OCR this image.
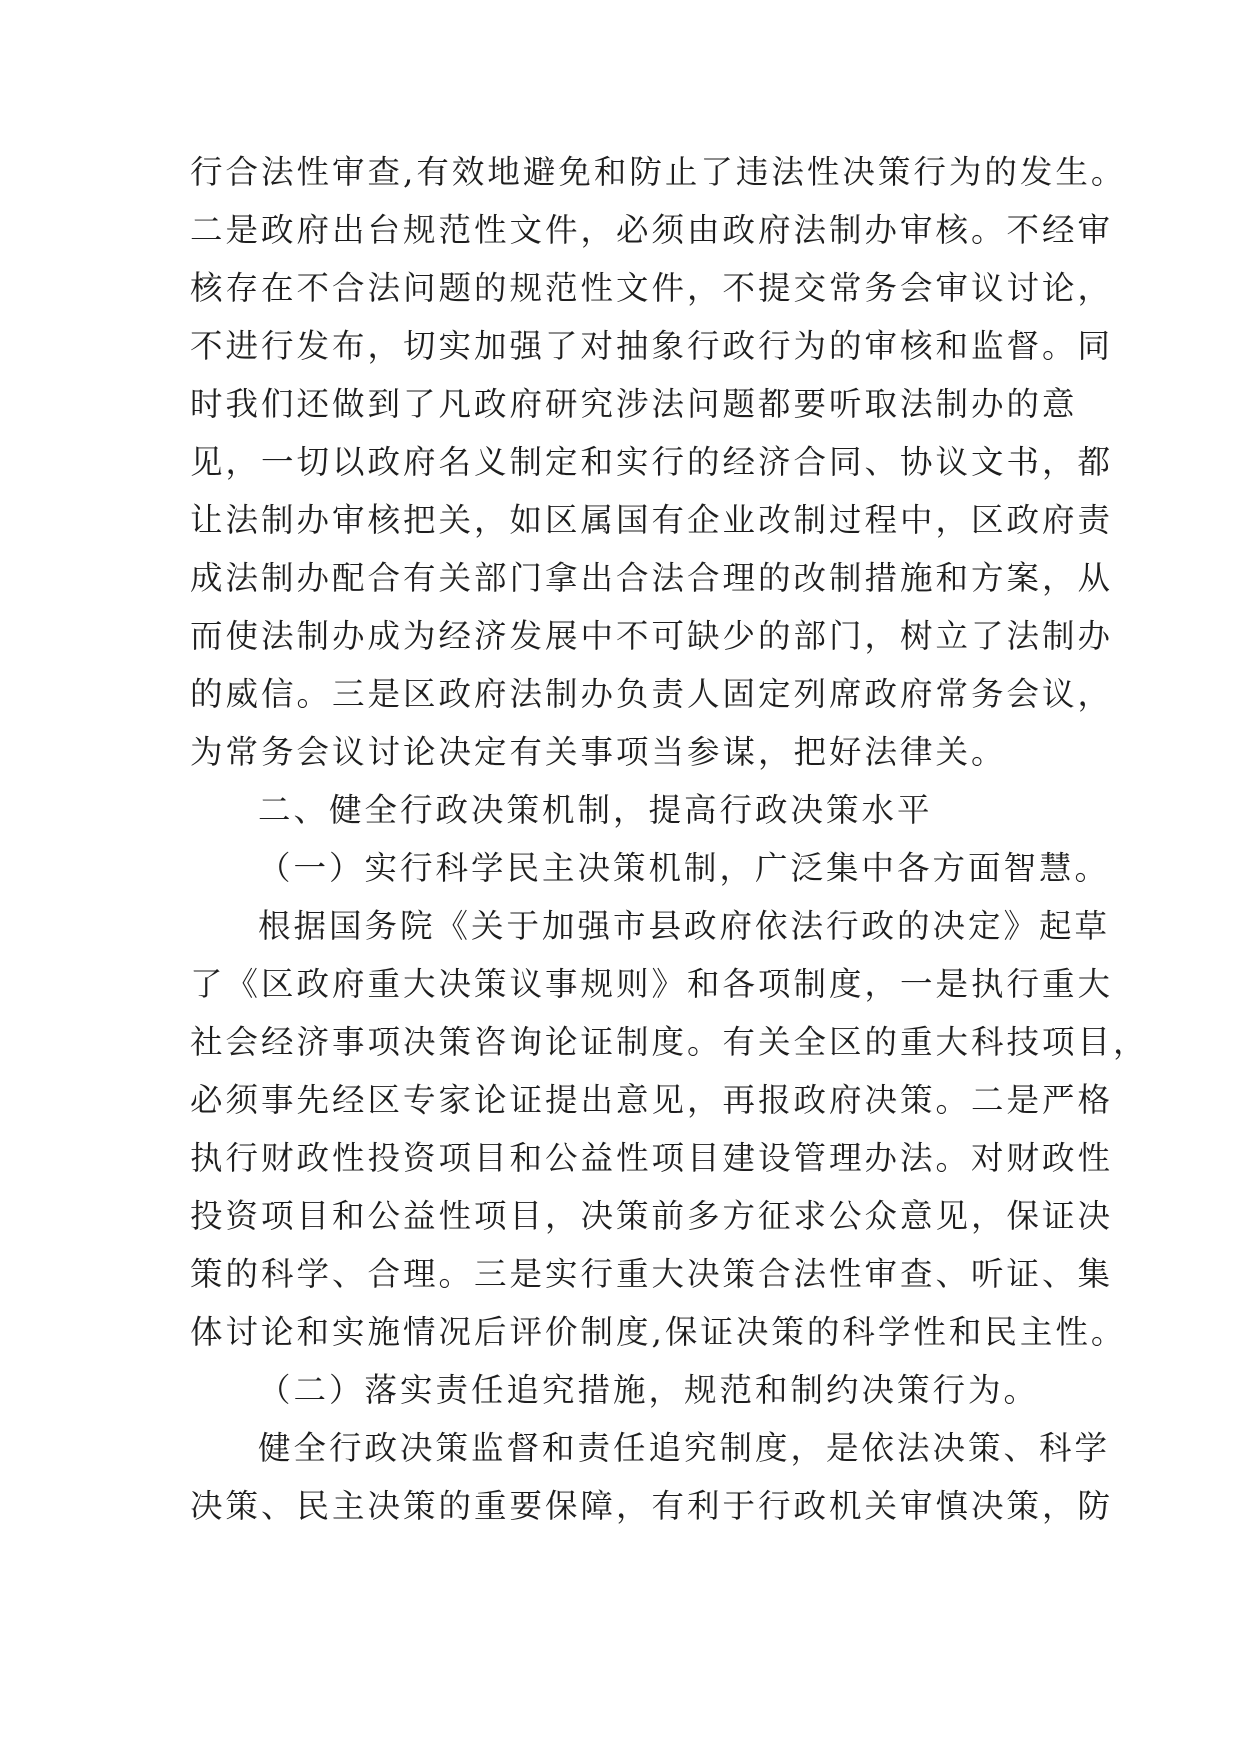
行合法性审查,有效地避免和防止了违法性决策行为的发生。
二是政府出台规范性文件，必须由政府法制办审核。不经审
核存在不合法问题的规范性文件，不提交常务会审议讨论，
不进行发布，切实加强了对抽象行政行为的审核和监督。同
时我们还做到了凡政府研究涉法问题都要听取法制办的意
见，一切以政府名义制定和实行的经济合同、协议文书，都
让法制办审核把关，如区属国有企业改制过程中，区政府责
成法制办配合有关部门拿出合法合理的改制措施和方案，从
而使法制办成为经济发展中不可缺少的部门，树立了法制办
的威信。三是区政府法制办负责人固定列席政府常务会议，
为常务会议讨论决定有关事项当参谋，把好法律关。
二、健全行政决策机制，提高行政决策水平
（一）实行科学民主决策机制，广泛集中各方面智慧。
根据国务院《关于加强市县政府依法行政的决定》起草
了《区政府重大决策议事规则》和各项制度，一是执行重大
社会经济事项决策咨询论证制度。有关全区的重大科技项目，
必须事先经区专家论证提出意见，再报政府决策。二是严格
执行财政性投资项目和公益性项目建设管理办法。对财政性
投资项目和公益性项目，决策前多方征求公众意见，保证决
策的科学、合理。三是实行重大决策合法性审查、听证、集
体讨论和实施情况后评价制度,保证决策的科学性和民主性。
（二）落实责任追究措施，规范和制约决策行为。
健全行政决策监督和责任追究制度，是依法决策、科学
决策、民主决策的重要保障，有利于行政机关审慎决策，防
